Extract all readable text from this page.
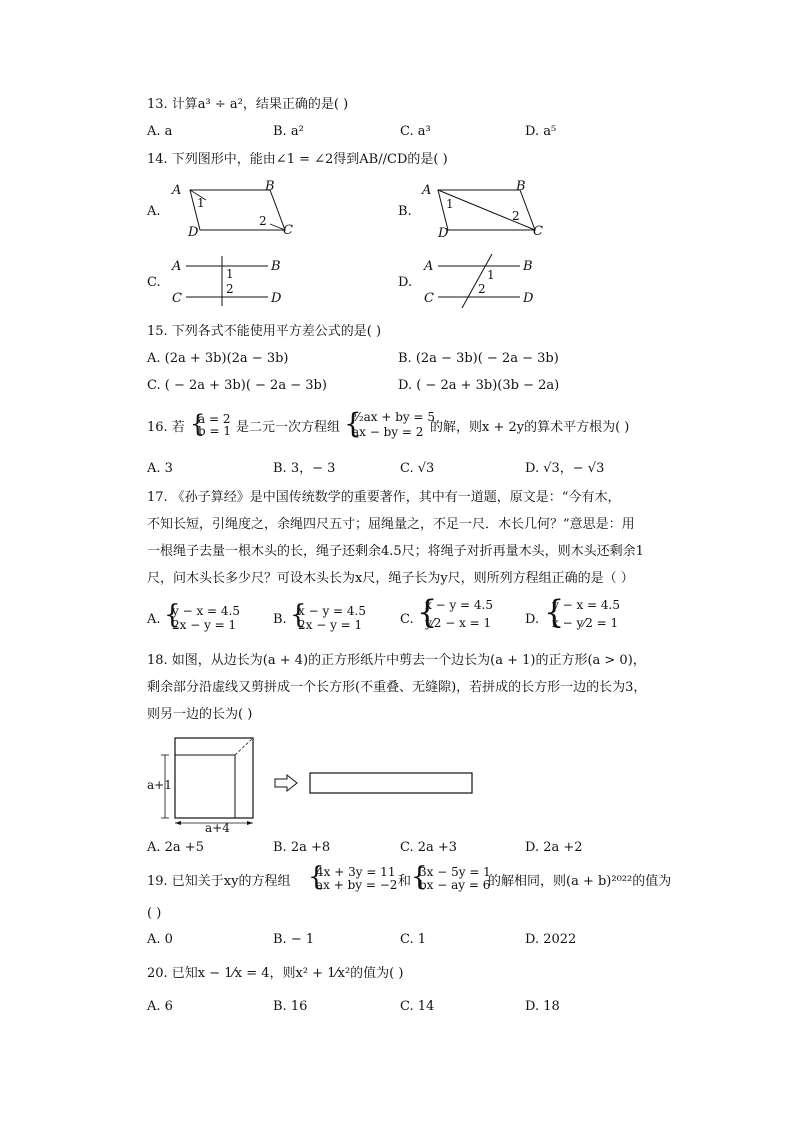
13. 计算a³ ÷ a²，结果正确的是( )
A. a	B. a²	C. a³	D. a⁵
14. 下列图形中，能由∠1 = ∠2得到AB//CD的是( )
A.
A	B
C
D
1
2
B.
A	B
C
D
1
2
C.
A	B
C	D
1
2	D.
A	B
C	D
1
2
15. 下列各式不能使用平方差公式的是( )
A. (2a + 3b)(2a − 3b)	B. (2a − 3b)( − 2a − 3b)
C. ( − 2a + 3b)( − 2a − 3b)	D. ( − 2a + 3b)(3b − 2a)
16. 若 {
a = 2
b = 1 是二元一次方程组 {
³⁄₂ax + by = 5
ax − by = 2 的解，则x + 2y的算术平方根为( )
A. 3	B. 3，− 3	C. √3	D. √3，− √3
17. 《孙子算经》是中国传统数学的重要著作，其中有一道题，原文是：“今有木，
不知长短，引绳度之，余绳四尺五寸；屈绳量之，不足一尺．木长几何？”意思是：用
一根绳子去量一根木头的长，绳子还剩余4.5尺；将绳子对折再量木头，则木头还剩余1
尺，问木头长多少尺？可设木头长为x尺，绳子长为y尺，则所列方程组正确的是（ ）
A. {
y − x = 4.5
2x − y = 1	B. {
x − y = 4.5
2x − y = 1	C. {
x − y = 4.5
y⁄2 − x = 1	D. {
y − x = 4.5
x − y⁄2 = 1
18. 如图，从边长为(a + 4)的正方形纸片中剪去一个边长为(a + 1)的正方形(a > 0)，
剩余部分沿虚线又剪拼成一个长方形(不重叠、无缝隙)，若拼成的长方形一边的长为3，
则另一边的长为( )
a+1
a+4
A. 2a +5	B. 2a +8	C. 2a +3	D. 2a +2
19. 已知关于xy的方程组 {
4x + 3y = 11
ax + by = −2 和 {
3x − 5y = 1
bx − ay = 6
的解相同，则(a + b)²⁰²²的值为
( )
A. 0	B. − 1	C. 1	D. 2022
20. 已知x − 1⁄x = 4，则x² + 1⁄x²的值为( )
A. 6	B. 16	C. 14	D. 18
